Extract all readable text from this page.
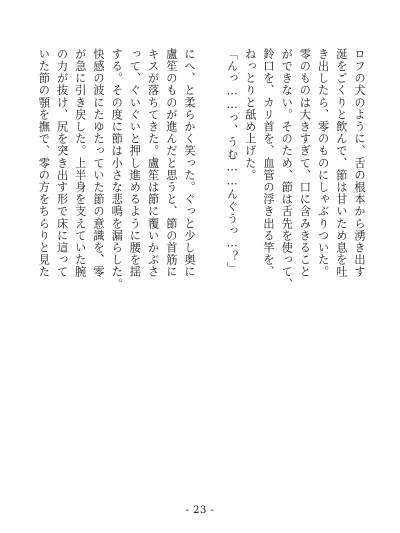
ロフの犬のように、舌の根本から湧き出す
涎をごくりと飲んで、節は甘いため息を吐
き出したら、零のものにしゃぶりついた。
零のものは大きすぎて、口に含みきること
ができない。そのため、節は舌先を使って、
鈴口を、カリ首を、血管の浮き出る竿を、
ねっとりと舐め上げた。
「んっ……っ、うむ……んぐうっ…？」
にへ、と柔らかく笑った。ぐっと少し奥に
盧笙のものが進んだと思うと、節の首筋に
キスが落ちてきた。盧笙は節に覆いかぶさ
って、ぐいぐいと押し進めるように腰を揺
する。その度に節は小さな悲鳴を漏らした。
快感の波にたゆたっていた節の意識を、零
が急に引き戻した。上半身を支えていた腕
の力が抜け、尻を突き出す形で床に這って
いた節の顎を撫で、零の方をちらりと見た
- 23 -
